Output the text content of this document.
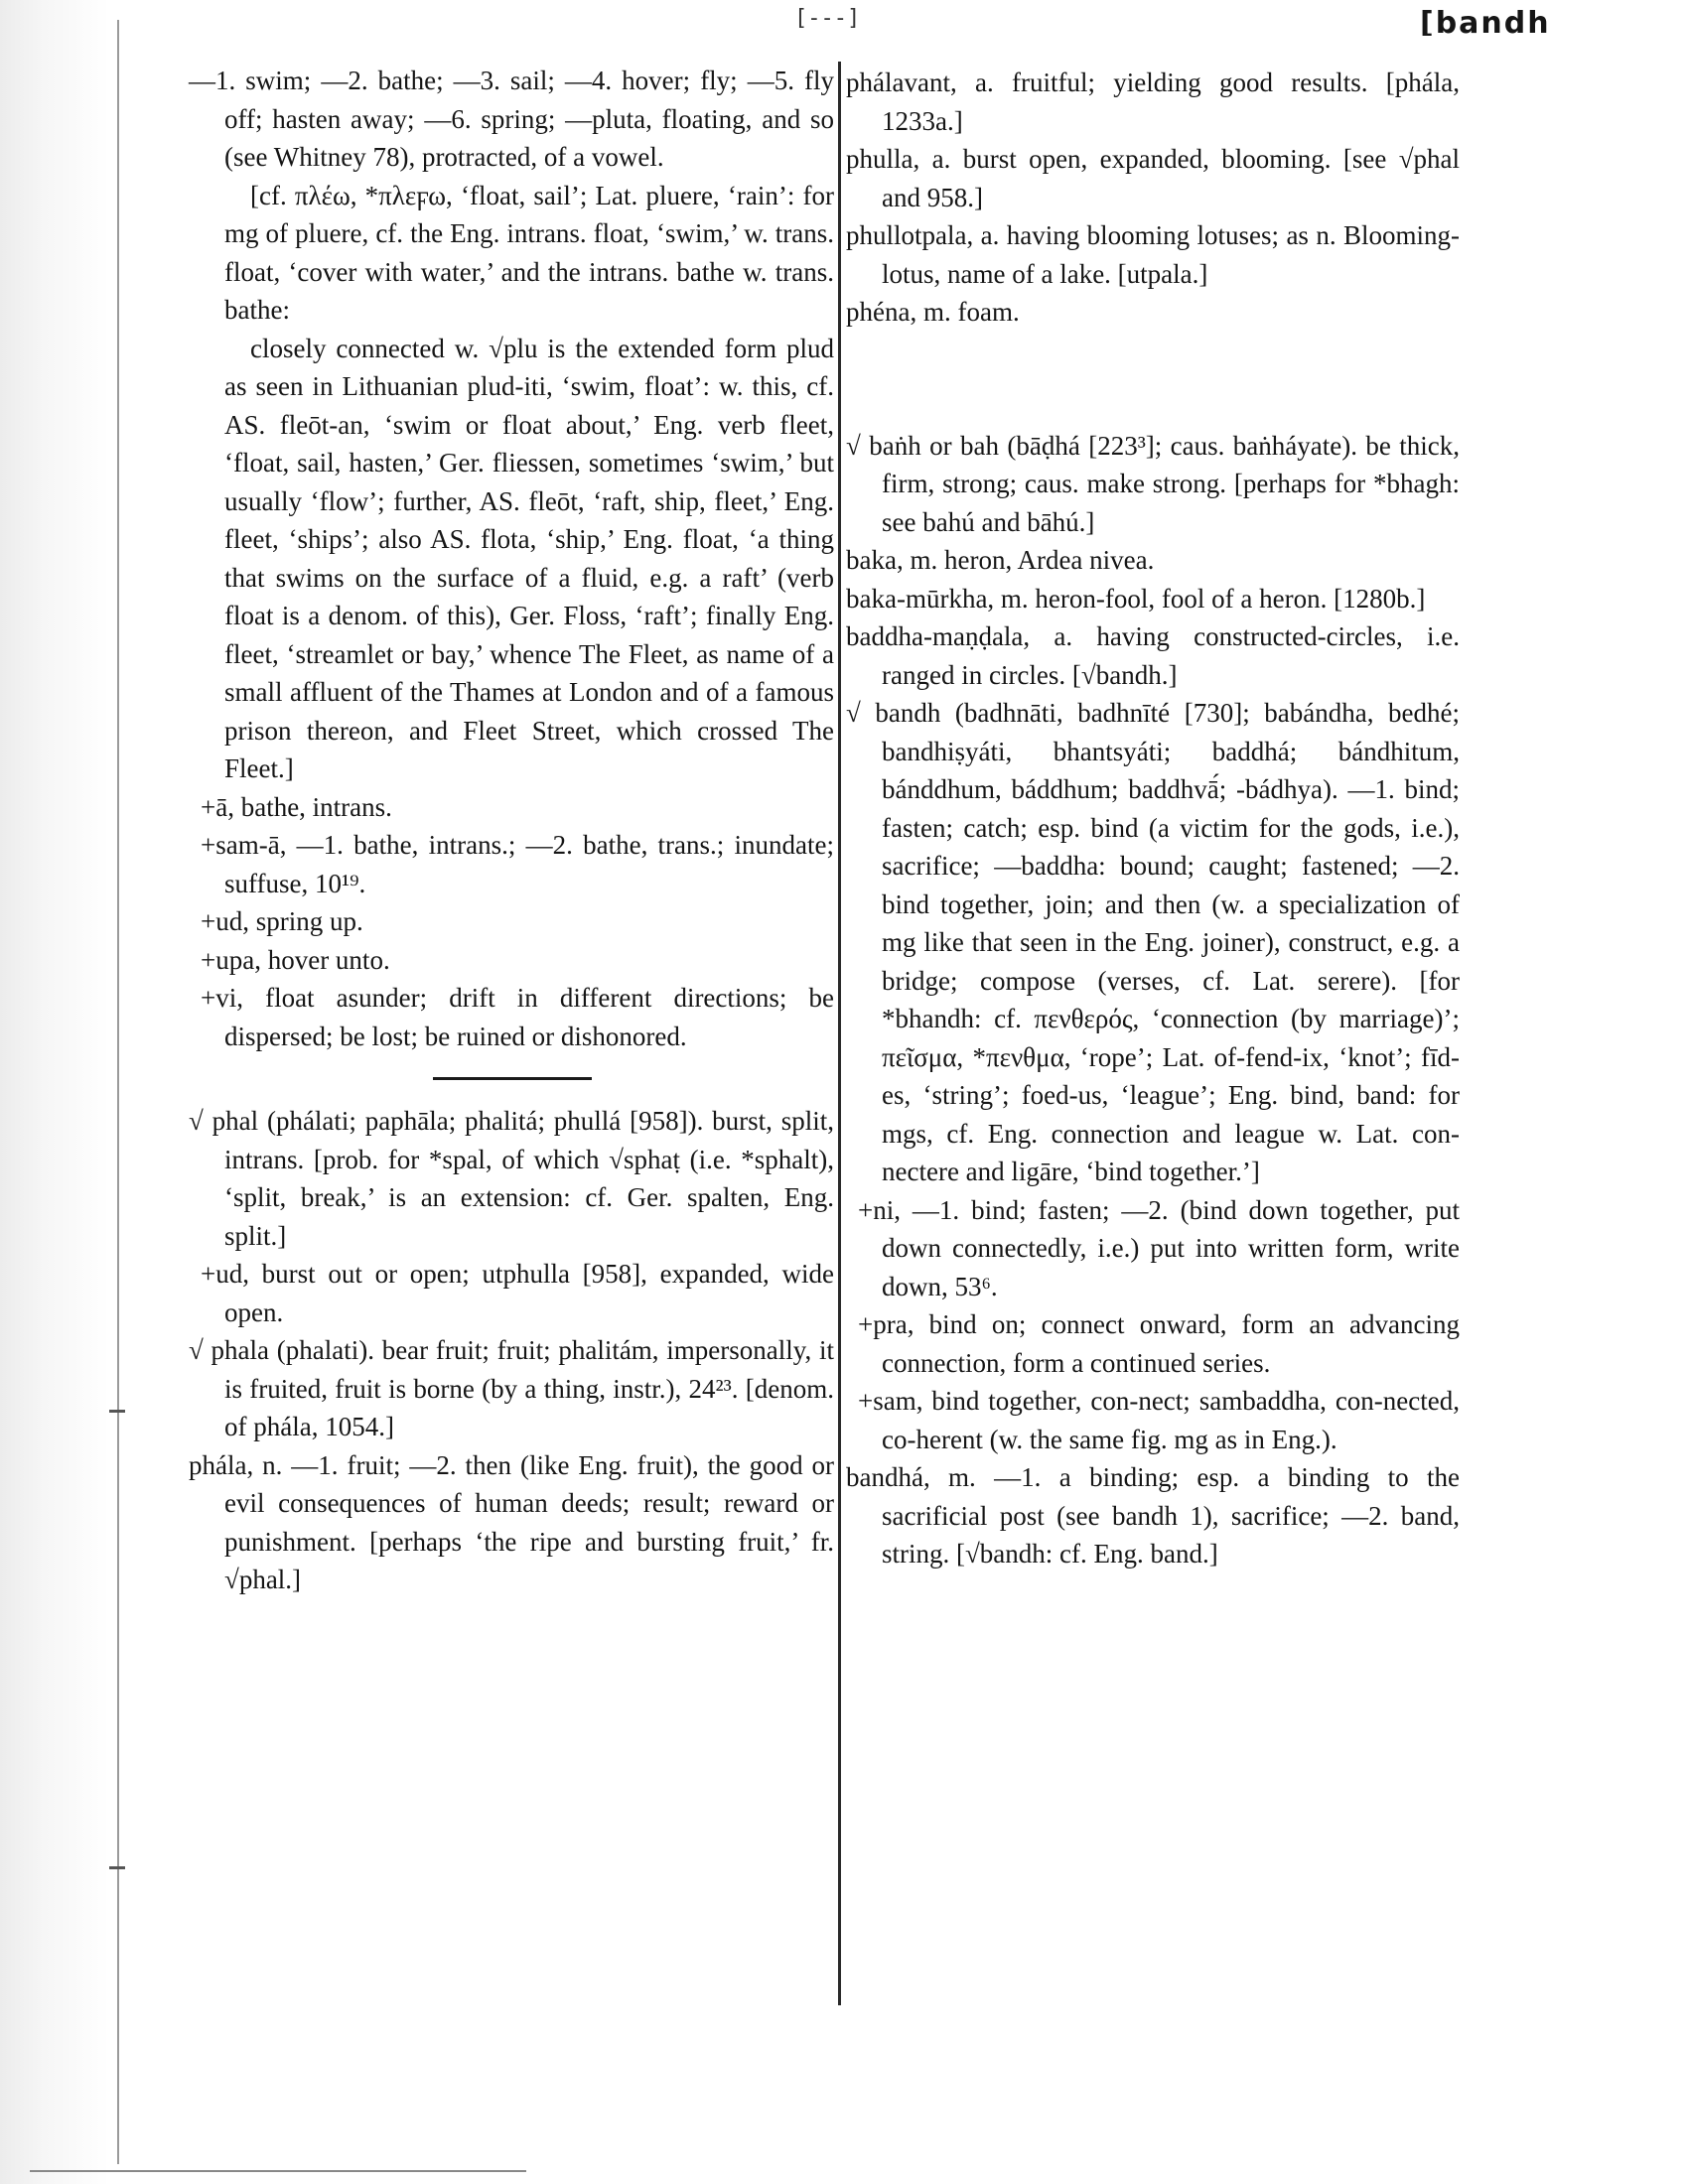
[---]	[bandh

—1. swim; —2. bathe; —3. sail; —4. hover; fly; —5. fly off; hasten away; —6. spring; —pluta, floating, and so (see Whitney 78), protracted, of a vowel.

[cf. πλέω, *πλεϝω, ‘float, sail’; Lat. pluere, ‘rain’: for mg of pluere, cf. the Eng. intrans. float, ‘swim,’ w. trans. float, ‘cover with water,’ and the intrans. bathe w. trans. bathe:

closely connected w. √plu is the extended form plud as seen in Lithuanian plud-iti, ‘swim, float’: w. this, cf. AS. fleōt-an, ‘swim or float about,’ Eng. verb fleet, ‘float, sail, hasten,’ Ger. fliessen, sometimes ‘swim,’ but usually ‘flow’; further, AS. fleōt, ‘raft, ship, fleet,’ Eng. fleet, ‘ships’; also AS. flota, ‘ship,’ Eng. float, ‘a thing that swims on the surface of a fluid, e.g. a raft’ (verb float is a denom. of this), Ger. Floss, ‘raft’; finally Eng. fleet, ‘streamlet or bay,’ whence The Fleet, as name of a small affluent of the Thames at London and of a famous prison thereon, and Fleet Street, which crossed The Fleet.]

+ā, bathe, intrans.

+sam-ā, —1. bathe, intrans.; —2. bathe, trans.; inundate; suffuse, 10¹⁹.

+ud, spring up.

+upa, hover unto.

+vi, float asunder; drift in different directions; be dispersed; be lost; be ruined or dishonored.

√ phal (phálati; paphāla; phalitá; phullá [958]). burst, split, intrans. [prob. for *spal, of which √sphaṭ (i.e. *sphalt), ‘split, break,’ is an extension: cf. Ger. spalten, Eng. split.]

+ud, burst out or open; utphulla [958], expanded, wide open.

√ phala (phalati). bear fruit; fruit; phalitám, impersonally, it is fruited, fruit is borne (by a thing, instr.), 24²³. [denom. of phála, 1054.]

phála, n. —1. fruit; —2. then (like Eng. fruit), the good or evil consequences of human deeds; result; reward or punishment. [perhaps ‘the ripe and bursting fruit,’ fr. √phal.]

phálavant, a. fruitful; yielding good results. [phála, 1233a.]

phulla, a. burst open, expanded, blooming. [see √phal and 958.]

phullotpala, a. having blooming lotuses; as n. Blooming-lotus, name of a lake. [utpala.]

phéna, m. foam.

√ baṅh or bah (bāḍhá [223³]; caus. baṅháyate). be thick, firm, strong; caus. make strong. [perhaps for *bhagh: see bahú and bāhú.]

baka, m. heron, Ardea nivea.

baka-mūrkha, m. heron-fool, fool of a heron. [1280b.]

baddha-maṇḍala, a. having constructed-circles, i.e. ranged in circles. [√bandh.]

√ bandh (badhnāti, badhnīté [730]; babándha, bedhé; bandhiṣyáti, bhantsyáti; baddhá; bándhitum, bánddhum, báddhum; baddhvā́; -bádhya). —1. bind; fasten; catch; esp. bind (a victim for the gods, i.e.), sacrifice; —baddha: bound; caught; fastened; —2. bind together, join; and then (w. a specialization of mg like that seen in the Eng. joiner), construct, e.g. a bridge; compose (verses, cf. Lat. serere). [for *bhandh: cf. πενθερός, ‘connection (by marriage)’; πεῖσμα, *πενθμα, ‘rope’; Lat. of-fend-ix, ‘knot’; fīd-es, ‘string’; foed-us, ‘league’; Eng. bind, band: for mgs, cf. Eng. connection and league w. Lat. con-nectere and ligāre, ‘bind together.’]

+ni, —1. bind; fasten; —2. (bind down together, put down connectedly, i.e.) put into written form, write down, 53⁶.

+pra, bind on; connect onward, form an advancing connection, form a continued series.

+sam, bind together, con-nect; sambaddha, con-nected, co-herent (w. the same fig. mg as in Eng.).

bandhá, m. —1. a binding; esp. a binding to the sacrificial post (see bandh 1), sacrifice; —2. band, string. [√bandh: cf. Eng. band.]
